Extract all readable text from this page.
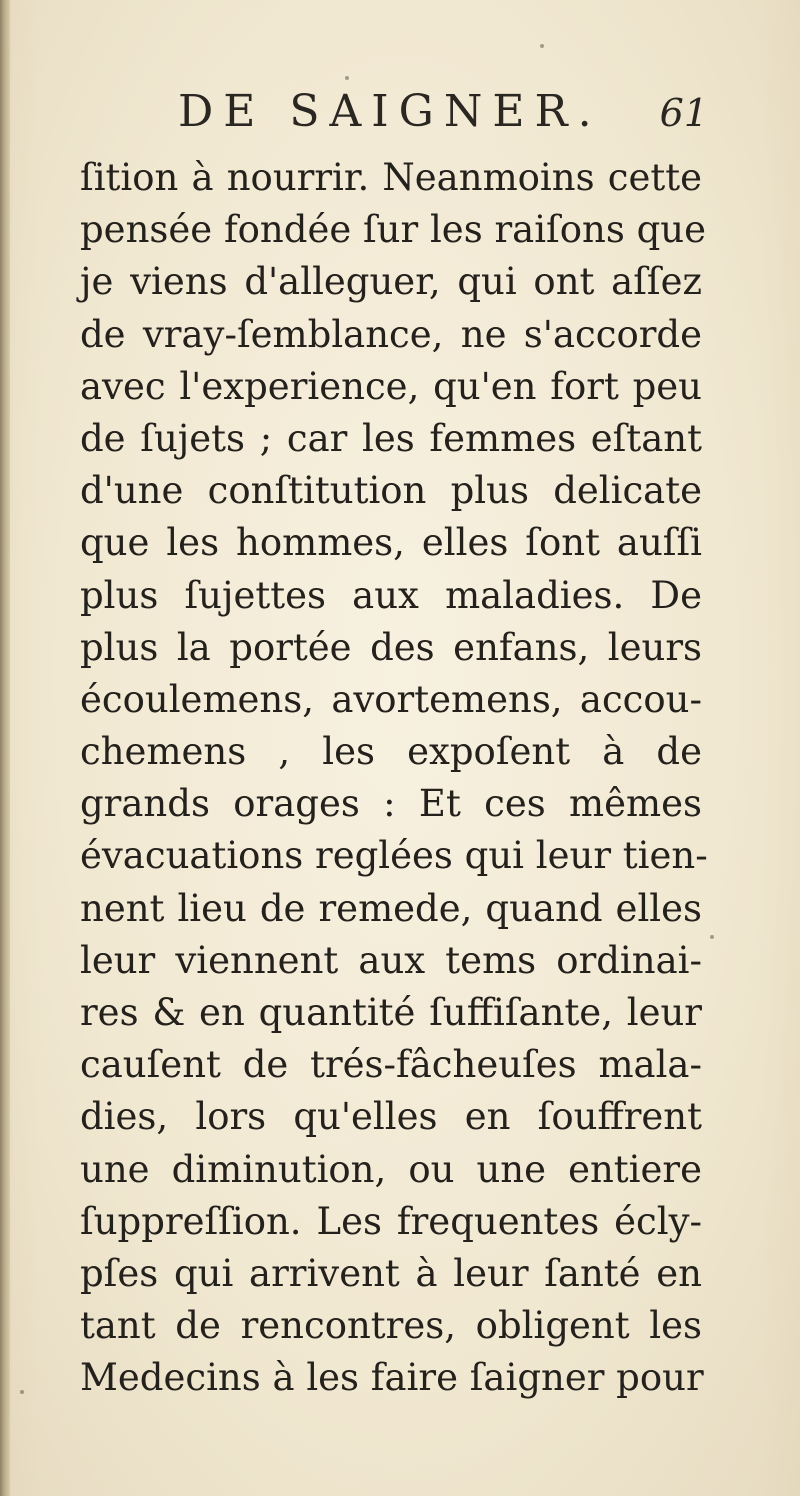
DE SAIGNER. 61
ſition à nourrir. Neanmoins cette
pensée fondée ſur les raiſons que
je viens d'alleguer, qui ont aſſez
de vray-ſemblance, ne s'accorde
avec l'experience, qu'en fort peu
de ſujets ; car les femmes eſtant
d'une conſtitution plus delicate
que les hommes, elles ſont auſſi
plus ſujettes aux maladies. De
plus la portée des enfans, leurs
écoulemens, avortemens, accou-
chemens , les expoſent à de
grands orages : Et ces mêmes
évacuations reglées qui leur tien-
nent lieu de remede, quand elles
leur viennent aux tems ordinai-
res & en quantité ſuffiſante, leur
cauſent de trés-fâcheuſes mala-
dies, lors qu'elles en ſouffrent
une diminution, ou une entiere
ſuppreſſion. Les frequentes écly-
pſes qui arrivent à leur ſanté en
tant de rencontres, obligent les
Medecins à les faire ſaigner pour
